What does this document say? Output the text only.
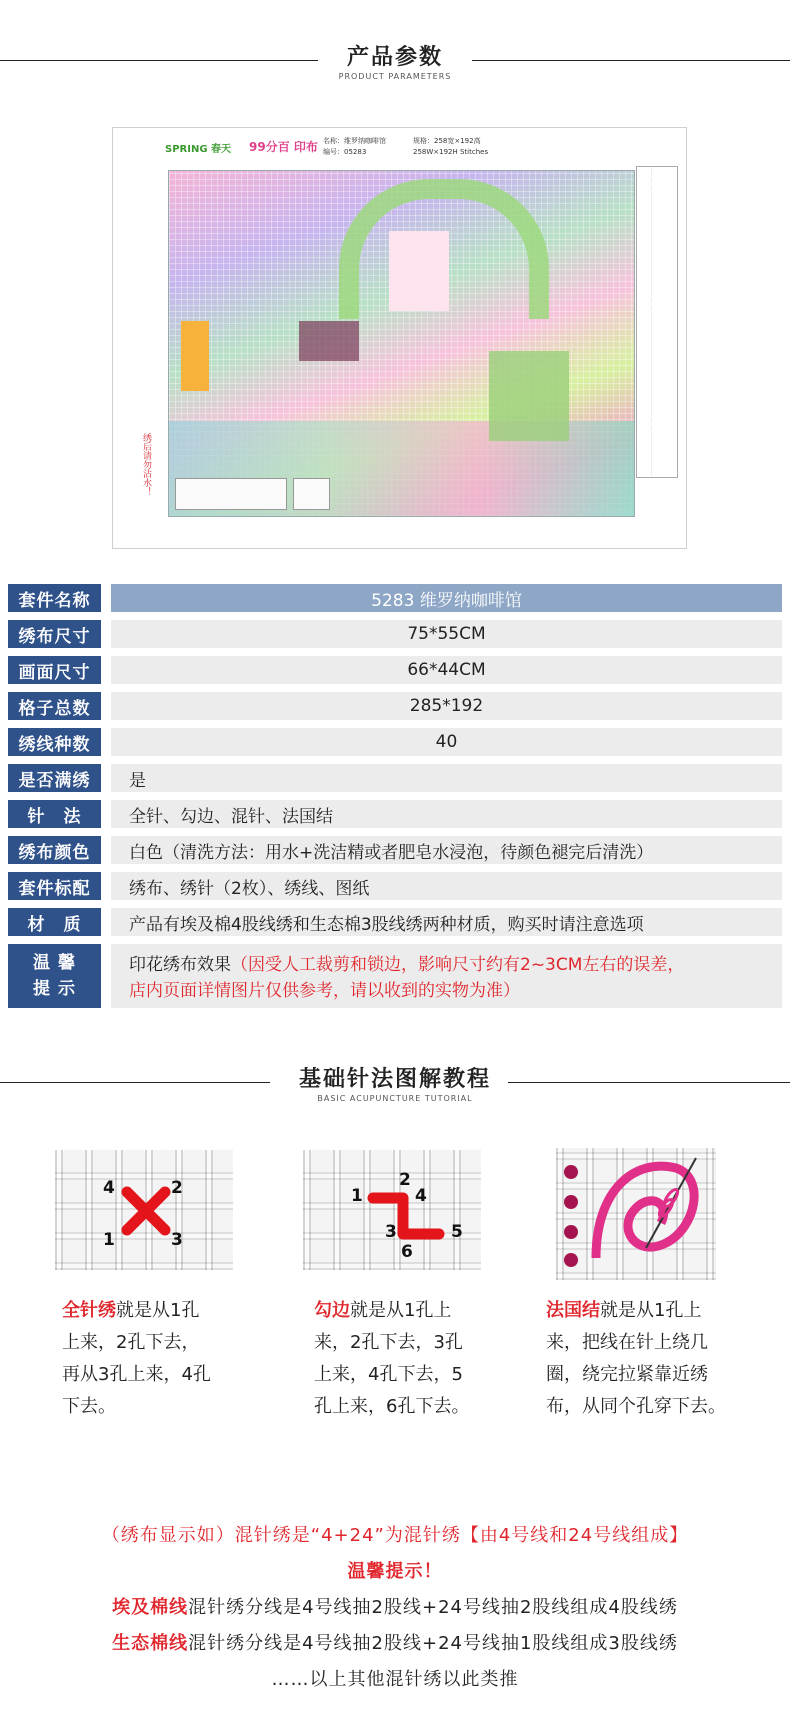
产品参数
PRODUCT PARAMETERS
SPRING 春天 99分百 印布 名称：维罗纳咖啡馆
编号：05283
规格：258宽×192高
258W×192H Stitches
绣后请勿沾水！
套件名称	5283 维罗纳咖啡馆
绣布尺寸	75*55CM
画面尺寸	66*44CM
格子总数	285*192
绣线种数	40
是否满绣	是
针　法	全针、勾边、混针、法国结
绣布颜色	白色（清洗方法：用水+洗洁精或者肥皂水浸泡，待颜色褪完后清洗）
套件标配	绣布、绣针（2枚）、绣线、图纸
材　质	产品有埃及棉4股线绣和生态棉3股线绣两种材质，购买时请注意选项
温 馨
提 示
印花绣布效果（因受人工裁剪和锁边，影响尺寸约有2~3CM左右的误差，
店内页面详情图片仅供参考，请以收到的实物为准）
基础针法图解教程
BASIC ACUPUNCTURE TUTORIAL
4	2
1	3
1
2
4
3	5
6
全针绣就是从1孔
上来，2孔下去，
再从3孔上来，4孔
下去。
勾边就是从1孔上
来，2孔下去，3孔
上来，4孔下去，5
孔上来，6孔下去。
法国结就是从1孔上
来，把线在针上绕几
圈，绕完拉紧靠近绣
布，从同个孔穿下去。
（绣布显示如）混针绣是“4+24”为混针绣【由4号线和24号线组成】
温馨提示！
埃及棉线混针绣分线是4号线抽2股线+24号线抽2股线组成4股线绣
生态棉线混针绣分线是4号线抽2股线+24号线抽1股线组成3股线绣
……以上其他混针绣以此类推
